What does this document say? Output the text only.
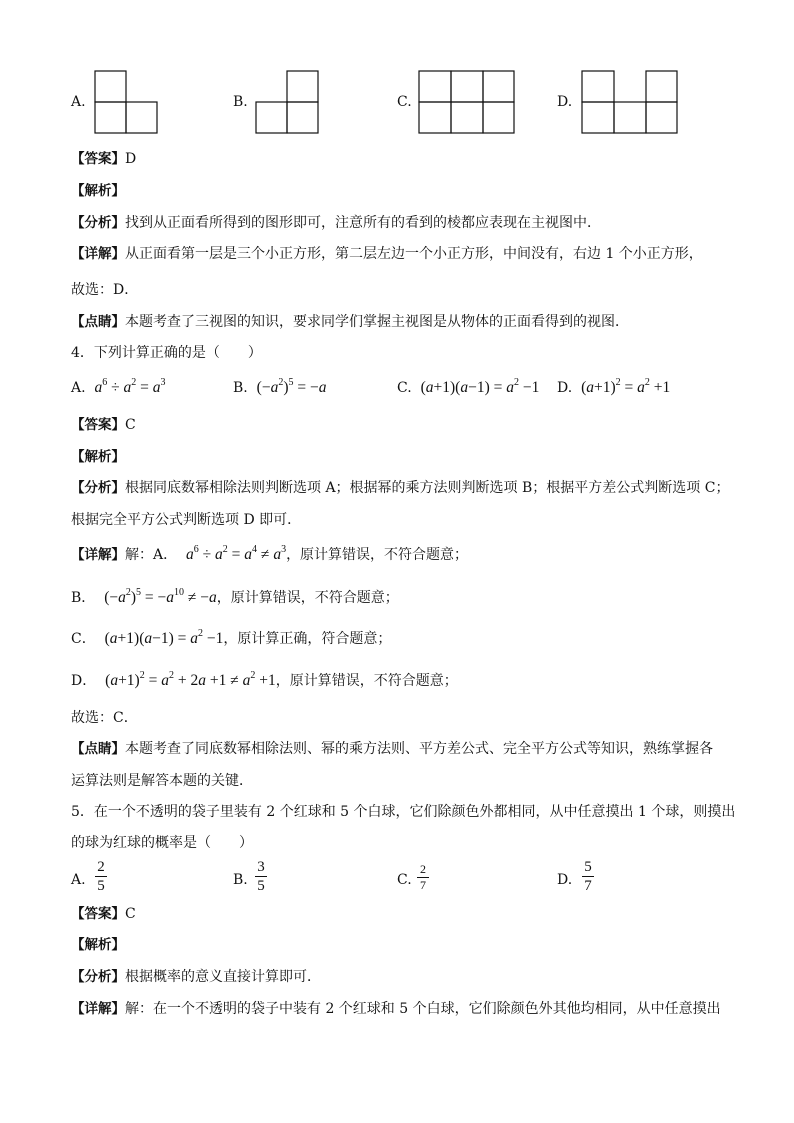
A.	B.	C.	D.
【答案】D
【解析】
【分析】找到从正面看所得到的图形即可，注意所有的看到的棱都应表现在主视图中．
【详解】从正面看第一层是三个小正方形，第二层左边一个小正方形，中间没有，右边 1 个小正方形，
故选：D．
【点睛】本题考查了三视图的知识，要求同学们掌握主视图是从物体的正面看得到的视图．
4．下列计算正确的是（　　）
A. $a^6 \div a^2 = a^3$	B. $(-a^2)^5 = -a$	C. $(a+1)(a-1) = a^2 -1$ D. $(a+1)^2 = a^2 +1$
【答案】C
【解析】
【分析】根据同底数幂相除法则判断选项 A；根据幂的乘方法则判断选项 B；根据平方差公式判断选项 C；
根据完全平方公式判断选项 D 即可．
【详解】解：A． $a^6 \div a^2 = a^4 \ne a^3$，原计算错误，不符合题意；
B． $(-a^2)^5 = -a^{10} \ne -a$，原计算错误，不符合题意；
C． $(a+1)(a-1) = a^2 -1$，原计算正确，符合题意；
D． $(a+1)^2 = a^2 + 2a +1 \ne a^2 +1$，原计算错误，不符合题意；
故选：C．
【点睛】本题考查了同底数幂相除法则、幂的乘方法则、平方差公式、完全平方公式等知识，熟练掌握各
运算法则是解答本题的关键．
5．在一个不透明的袋子里装有 2 个红球和 5 个白球，它们除颜色外都相同，从中任意摸出 1 个球，则摸出
的球为红球的概率是（　　）
A.
2
5	B.
3
5	C.
2
7	D.
5
7
【答案】C
【解析】
【分析】根据概率的意义直接计算即可．
【详解】解：在一个不透明的袋子中装有 2 个红球和 5 个白球，它们除颜色外其他均相同，从中任意摸出
